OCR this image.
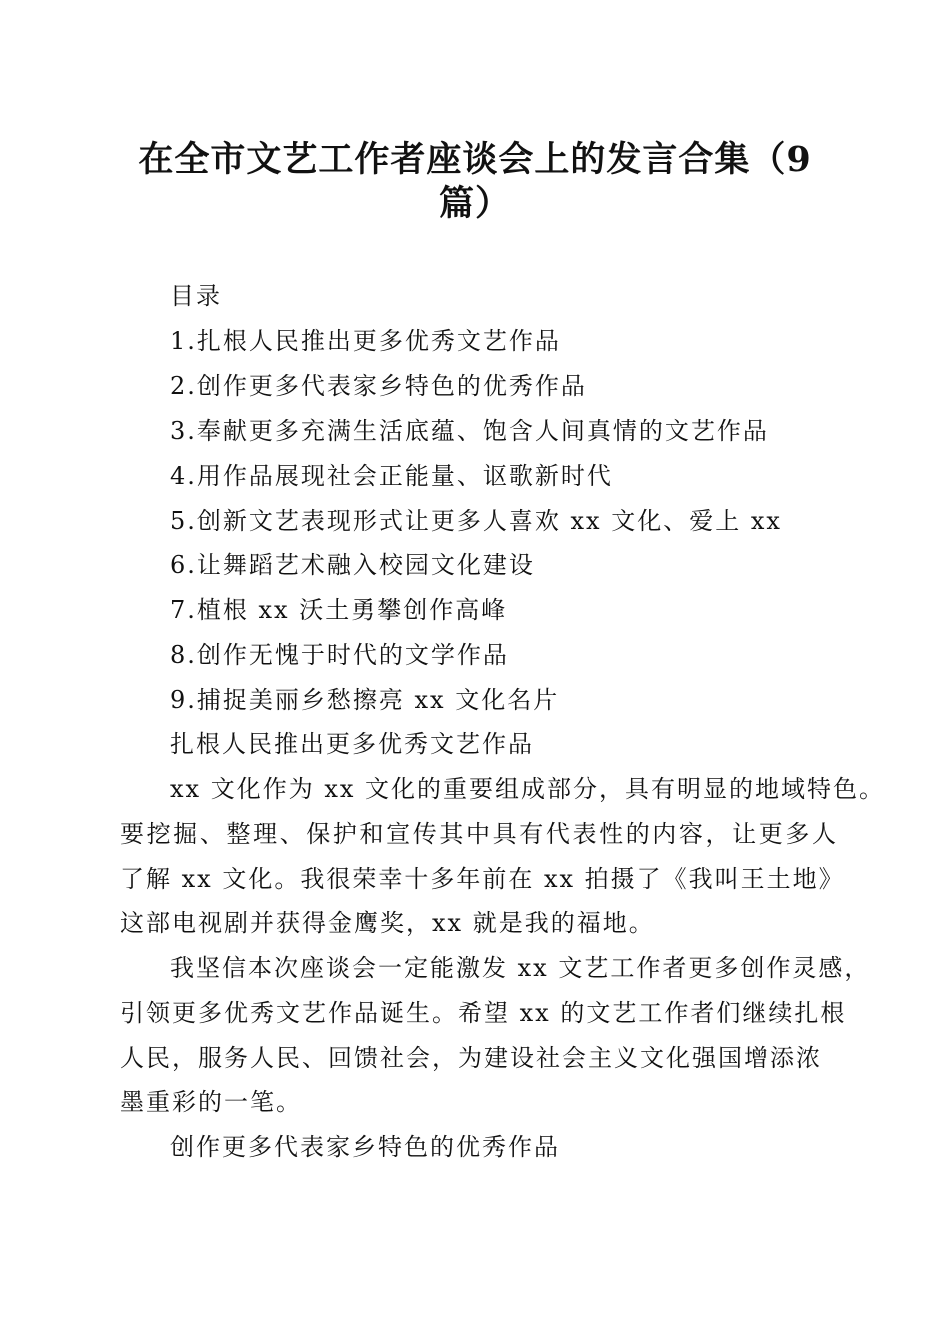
在全市文艺工作者座谈会上的发言合集（9
篇）
目录
1.扎根人民推出更多优秀文艺作品
2.创作更多代表家乡特色的优秀作品
3.奉献更多充满生活底蕴、饱含人间真情的文艺作品
4.用作品展现社会正能量、讴歌新时代
5.创新文艺表现形式让更多人喜欢 xx 文化、爱上 xx
6.让舞蹈艺术融入校园文化建设
7.植根 xx 沃土勇攀创作高峰
8.创作无愧于时代的文学作品
9.捕捉美丽乡愁擦亮 xx 文化名片
扎根人民推出更多优秀文艺作品
xx 文化作为 xx 文化的重要组成部分，具有明显的地域特色。
要挖掘、整理、保护和宣传其中具有代表性的内容，让更多人
了解 xx 文化。我很荣幸十多年前在 xx 拍摄了《我叫王土地》
这部电视剧并获得金鹰奖，xx 就是我的福地。
我坚信本次座谈会一定能激发 xx 文艺工作者更多创作灵感，
引领更多优秀文艺作品诞生。希望 xx 的文艺工作者们继续扎根
人民，服务人民、回馈社会，为建设社会主义文化强国增添浓
墨重彩的一笔。
创作更多代表家乡特色的优秀作品
